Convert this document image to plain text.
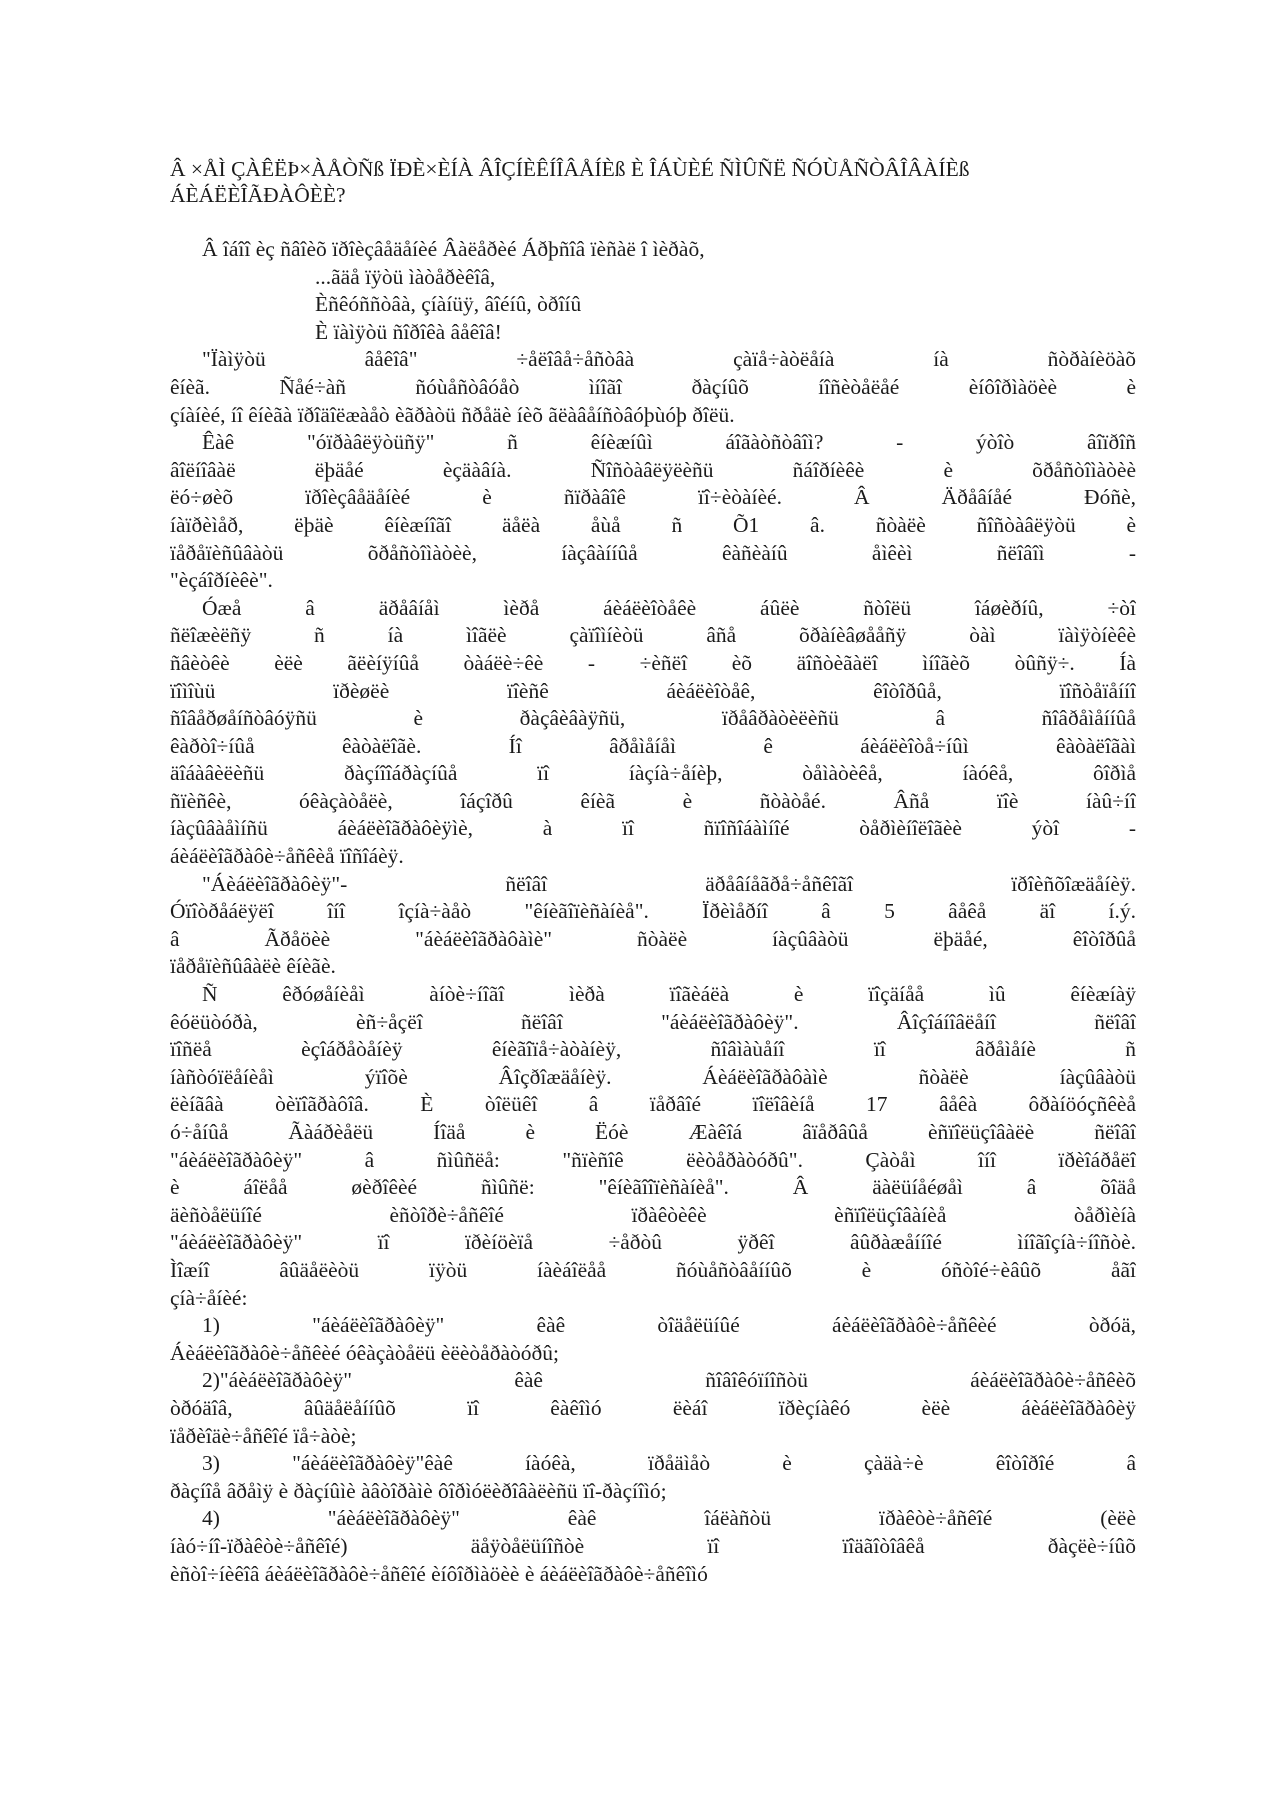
Â ×ÅÌ ÇÀÊËÞ×ÀÅÒÑß ÏÐÈ×ÈÍÀ ÂÎÇÍÈÊÍÎÂÅÍÈß È ÎÁÙÈÉ ÑÌÛÑË ÑÓÙÅÑÒÂÎÂÀÍÈß
ÁÈÁËÈÎÃÐÀÔÈÈ?
Â îáîî èç ñâîèõ ïðîèçâåäåíèé Âàëåðèé Áðþñîâ ïèñàë î ìèðàõ,
...ãäå ïÿòü ìàòåðèêîâ,
Èñêóññòâà, çíàíüÿ, âîéíû, òðîíû
È ïàìÿòü ñîðîêà âåêîâ!
"Ïàìÿòü âåêîâ" ÷åëîâå÷åñòâà çàïå÷àòëåíà íà ñòðàíèöàõ
êíèã. Ñåé÷àñ ñóùåñòâóåò ìíîãî ðàçíûõ íîñèòåëåé èíôîðìàöèè è
çíàíèé, íî êíèãà ïðîäîëæàåò èãðàòü ñðåäè íèõ ãëàâåíñòâóþùóþ ðîëü.
Êàê "óïðàâëÿòüñÿ" ñ êíèæíûì áîãàòñòâîì? - ýòîò âîïðîñ
âîëíîâàë ëþäåé èçäàâíà. Ñîñòàâëÿëèñü ñáîðíèêè è õðåñòîìàòèè
ëó÷øèõ ïðîèçâåäåíèé è ñïðàâîê ïî÷èòàíèé. Â Äðåâíåé Ðóñè,
íàïðèìåð, ëþäè êíèæíîãî äåëà åùå ñ Õ1 â. ñòàëè ñîñòàâëÿòü è
ïåðåïèñûâàòü õðåñòîìàòèè, íàçâàííûå êàñèàíû åìêèì ñëîâîì -
"èçáîðíèêè".
Óæå â äðåâíåì ìèðå áèáëèîòåêè áûëè ñòîëü îáøèðíû, ÷òî
ñëîæèëñÿ ñ íà ìîãëè çàïîìíèòü âñå õðàíèâøååñÿ òàì ïàìÿòíèêè
ñâèòêè èëè ãëèíÿíûå òàáëè÷êè - ÷èñëî èõ äîñòèãàëî ìíîãèõ òûñÿ÷. Íà
ïîìîùü ïðèøëè ïîèñê áèáëèîòåê, êîòîðûå, ïîñòåïåííî
ñîâåðøåíñòâóÿñü è ðàçâèâàÿñü, ïðåâðàòèëèñü â ñîâðåìåííûå
êàðòî÷íûå êàòàëîãè. Íî âðåìåíåì ê áèáëèîòå÷íûì êàòàëîãàì
äîáàâèëèñü ðàçíîîáðàçíûå ïî íàçíà÷åíèþ, òåìàòèêå, íàóêå, ôîðìå
ñïèñêè, óêàçàòåëè, îáçîðû êíèã è ñòàòåé. Âñå ïîè íàû÷íî
íàçûâàåìíñü áèáëèîãðàôèÿìè, à ïî ñïîñîáàìíîé òåðìèíîëîãèè ýòî -
áèáëèîãðàôè÷åñêèå ïîñîáèÿ.
"Áèáëèîãðàôèÿ"- ñëîâî äðåâíåãðå÷åñêîãî ïðîèñõîæäåíèÿ.
Óïîòðåáëÿëî îíî îçíà÷àåò "êíèãîïèñàíèå". Ïðèìåðíî â 5 âåêå äî í.ý.
â Ãðåöèè "áèáëèîãðàôàìè" ñòàëè íàçûâàòü ëþäåé, êîòîðûå
ïåðåïèñûâàëè êíèãè.
Ñ êðóøåíèåì àíòè÷íîãî ìèðà ïîãèáëà è ïîçäíåå ìû êíèæíàÿ
êóëüòóðà, èñ÷åçëî ñëîâî "áèáëèîãðàôèÿ". Âîçîáíîâëåíî ñëîâî
ïîñëå èçîáðåòåíèÿ êíèãîïå÷àòàíèÿ, ñîâìàùåíî ïî âðåìåíè ñ
íàñòóïëåíèåì ýïîõè Âîçðîæäåíèÿ. Áèáëèîãðàôàìè ñòàëè íàçûâàòü
ëèíãâà òèïîãðàôîâ. È òîëüêî â ïåðâîé ïîëîâèíå 17 âåêà ôðàíöóçñêèå
ó÷åíûå Ãàáðèåëü Íîäå è Ëóè Æàêîá âïåðâûå èñïîëüçîâàëè ñëîâî
"áèáëèîãðàôèÿ" â ñìûñëå: "ñïèñîê ëèòåðàòóðû". Çàòåì îíî ïðèîáðåëî
è áîëåå øèðîêèé ñìûñë: "êíèãîîïèñàíèå". Â äàëüíåéøåì â õîäå
äèñòåëüíîé èñòîðè÷åñêîé ïðàêòèêè èñïîëüçîâàíèå òåðìèíà
"áèáëèîãðàôèÿ" ïî ïðèíöèïå ÷åðòû ÿðêî âûðàæåííîé ìíîãîçíà÷íîñòè.
Ìîæíî âûäåëèòü ïÿòü íàèáîëåå ñóùåñòâåííûõ è óñòîé÷èâûõ åãî
çíà÷åíèé:
1) "áèáëèîãðàôèÿ" êàê òîäåëüíûé áèáëèîãðàôè÷åñêèé òðóä,
Áèáëèîãðàôè÷åñêèé óêàçàòåëü èëèòåðàòóðû;
2)"áèáëèîãðàôèÿ" êàê ñîâîêóïíîñòü áèáëèîãðàôè÷åñêèõ
òðóäîâ, âûäåëåííûõ ïî êàêîìó ëèáî ïðèçíàêó èëè áèáëèîãðàôèÿ
ïåðèîäè÷åñêîé ïå÷àòè;
3) "áèáëèîãðàôèÿ"êàê íàóêà, ïðåäìåò è çàäà÷è êîòîðîé â
ðàçíîå âðåìÿ è ðàçíûìè àâòîðàìè ôîðìóëèðîâàëèñü ïî-ðàçíîìó;
4) "áèáëèîãðàôèÿ" êàê îáëàñòü ïðàêòè÷åñêîé (èëè
íàó÷íî-ïðàêòè÷åñêîé) äåÿòåëüíîñòè ïî ïîäãîòîâêå ðàçëè÷íûõ
èñòî÷íèêîâ áèáëèîãðàôè÷åñêîé èíôîðìàöèè è áèáëèîãðàôè÷åñêîìó
